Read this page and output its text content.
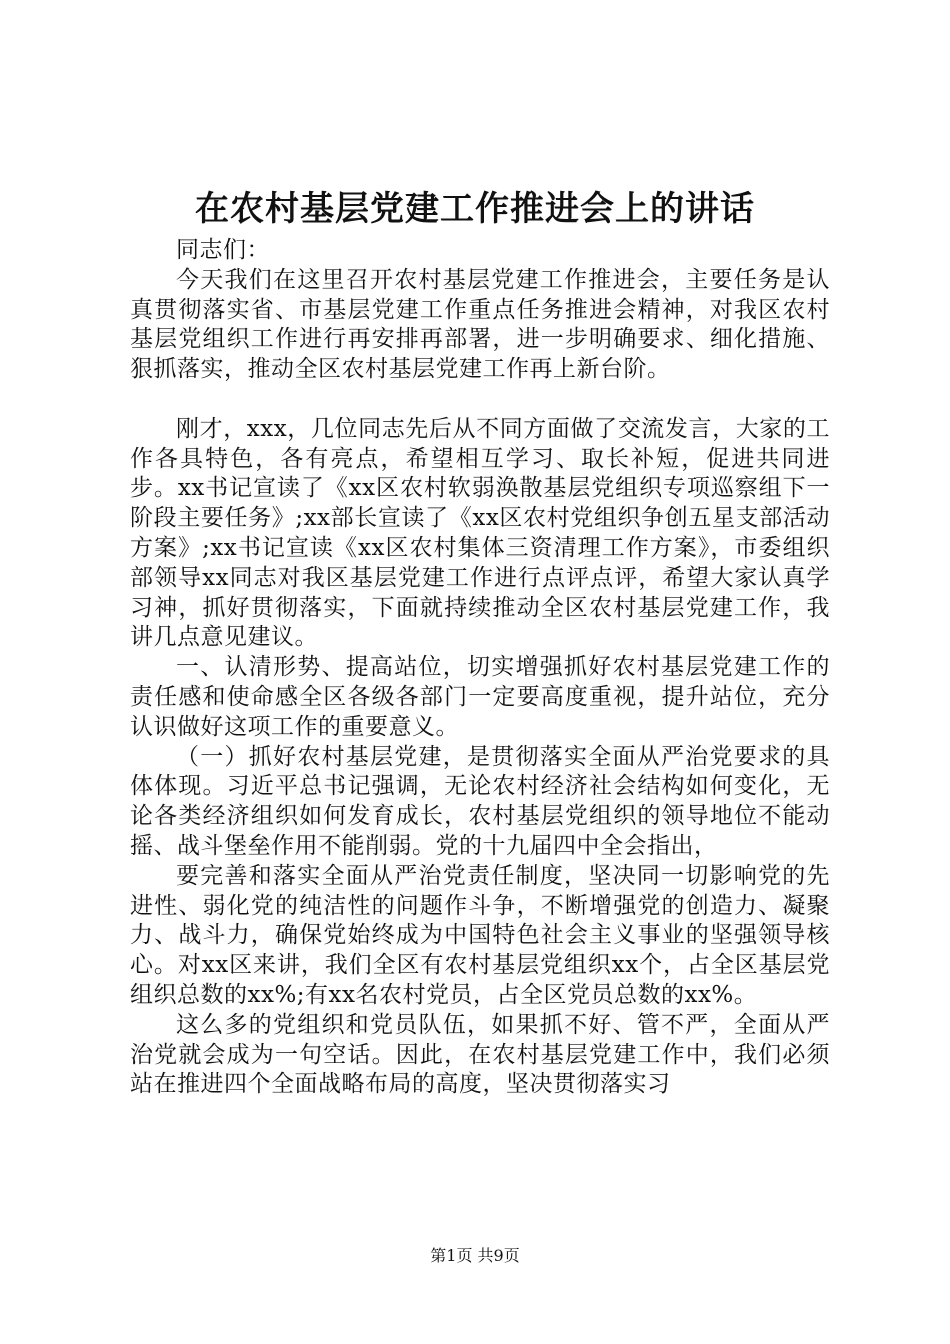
在农村基层党建工作推进会上的讲话

同志们：

今天我们在这里召开农村基层党建工作推进会，主要任务是认真贯彻落实省、市基层党建工作重点任务推进会精神，对我区农村基层党组织工作进行再安排再部署，进一步明确要求、细化措施、狠抓落实，推动全区农村基层党建工作再上新台阶。

刚才，xxx，几位同志先后从不同方面做了交流发言，大家的工作各具特色，各有亮点，希望相互学习、取长补短，促进共同进步。xx书记宣读了《xx区农村软弱涣散基层党组织专项巡察组下一阶段主要任务》;xx部长宣读了《xx区农村党组织争创五星支部活动方案》;xx书记宣读《xx区农村集体三资清理工作方案》，市委组织部领导xx同志对我区基层党建工作进行点评点评，希望大家认真学习神，抓好贯彻落实，下面就持续推动全区农村基层党建工作，我讲几点意见建议。

一、认清形势、提高站位，切实增强抓好农村基层党建工作的责任感和使命感全区各级各部门一定要高度重视，提升站位，充分认识做好这项工作的重要意义。

（一）抓好农村基层党建，是贯彻落实全面从严治党要求的具体体现。习近平总书记强调，无论农村经济社会结构如何变化，无论各类经济组织如何发育成长，农村基层党组织的领导地位不能动摇、战斗堡垒作用不能削弱。党的十九届四中全会指出，

要完善和落实全面从严治党责任制度，坚决同一切影响党的先进性、弱化党的纯洁性的问题作斗争，不断增强党的创造力、凝聚力、战斗力，确保党始终成为中国特色社会主义事业的坚强领导核心。对xx区来讲，我们全区有农村基层党组织xx个，占全区基层党组织总数的xx%;有xx名农村党员，占全区党员总数的xx%。

这么多的党组织和党员队伍，如果抓不好、管不严，全面从严治党就会成为一句空话。因此，在农村基层党建工作中，我们必须站在推进四个全面战略布局的高度，坚决贯彻落实习

第1页 共9页
